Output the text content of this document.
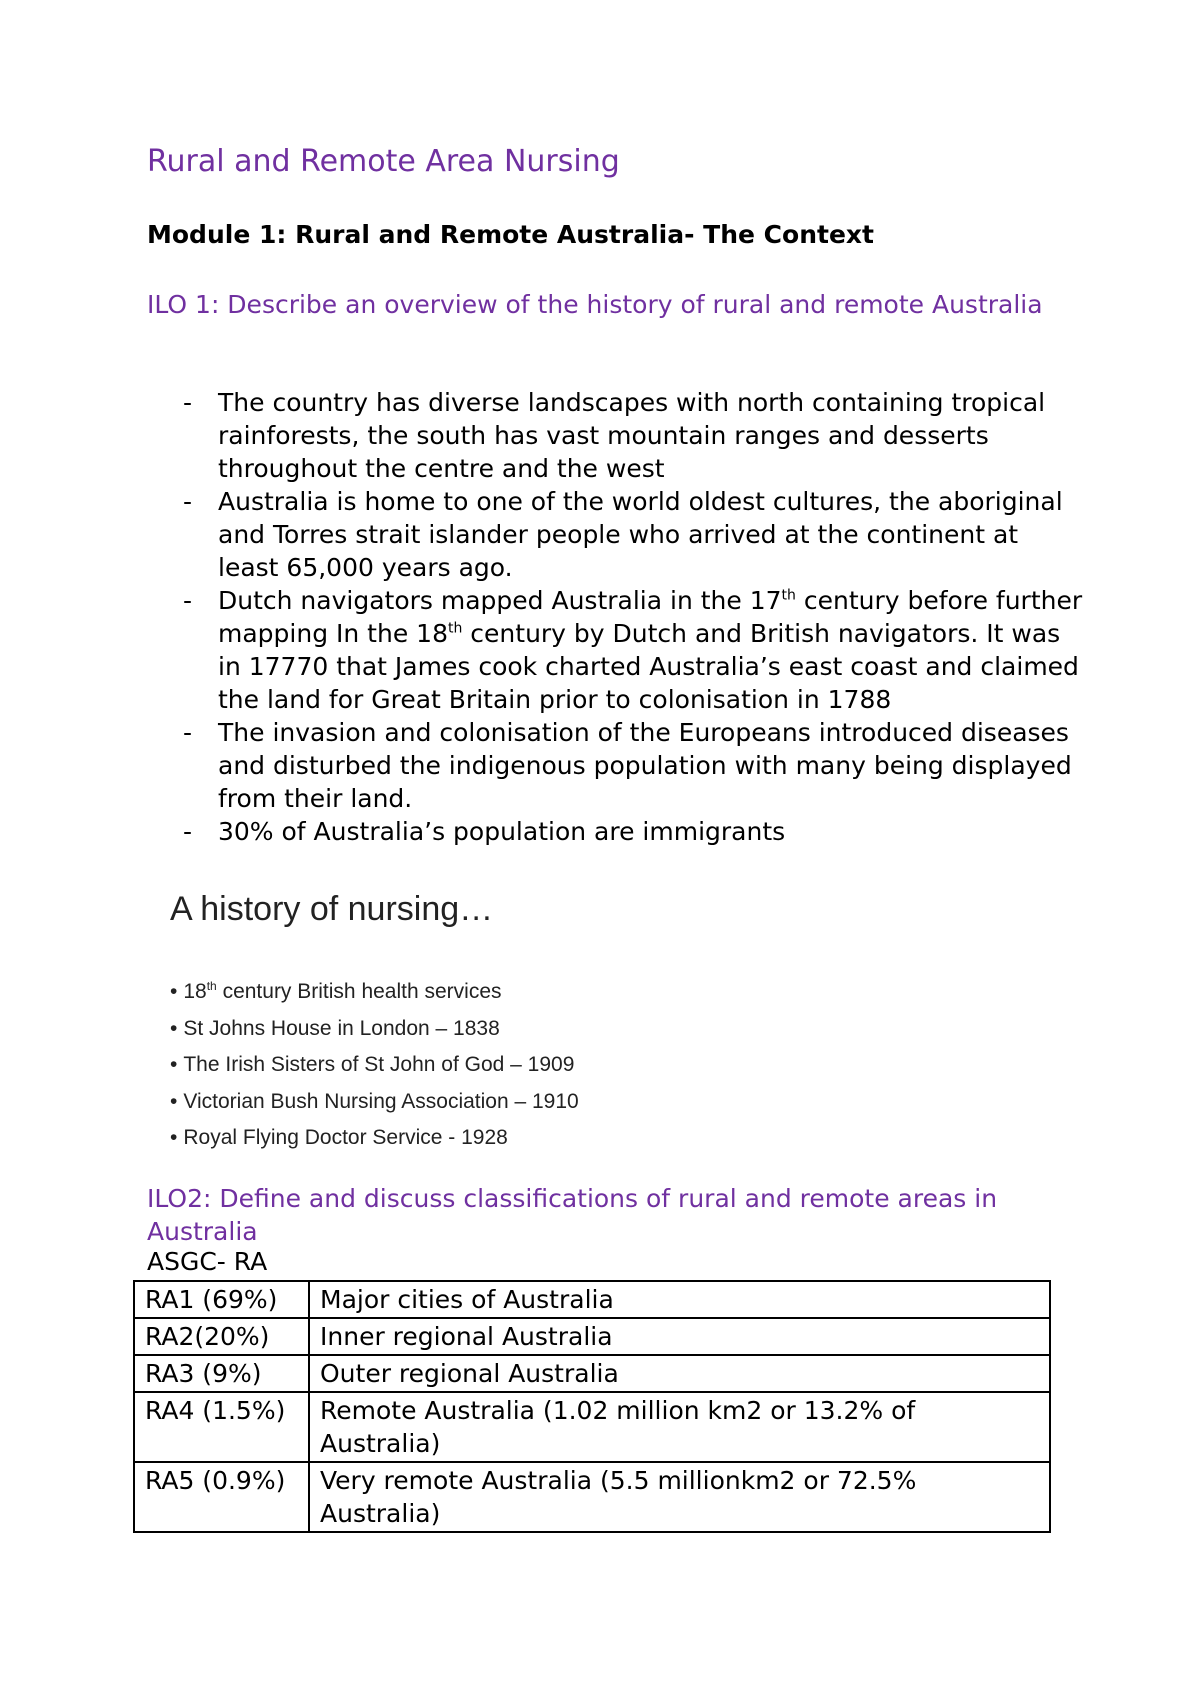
Rural and Remote Area Nursing
Module 1: Rural and Remote Australia- The Context
ILO 1: Describe an overview of the history of rural and remote Australia
- The country has diverse landscapes with north containing tropical rainforests, the south has vast mountain ranges and desserts throughout the centre and the west
- Australia is home to one of the world oldest cultures, the aboriginal and Torres strait islander people who arrived at the continent at least 65,000 years ago.
- Dutch navigators mapped Australia in the 17th century before further mapping In the 18th century by Dutch and British navigators. It was in 17770 that James cook charted Australia’s east coast and claimed the land for Great Britain prior to colonisation in 1788
- The invasion and colonisation of the Europeans introduced diseases and disturbed the indigenous population with many being displayed from their land.
- 30% of Australia’s population are immigrants
A history of nursing…
• 18th century British health services
• St Johns House in London – 1838
• The Irish Sisters of St John of God – 1909
• Victorian Bush Nursing Association – 1910
• Royal Flying Doctor Service - 1928
ILO2: Define and discuss classifications of rural and remote areas in Australia
ASGC- RA
RA1 (69%)	Major cities of Australia
RA2(20%)	Inner regional Australia
RA3 (9%)	Outer regional Australia
RA4 (1.5%)	Remote Australia (1.02 million km2 or 13.2% of Australia)
RA5 (0.9%)	Very remote Australia (5.5 millionkm2 or 72.5% Australia)
